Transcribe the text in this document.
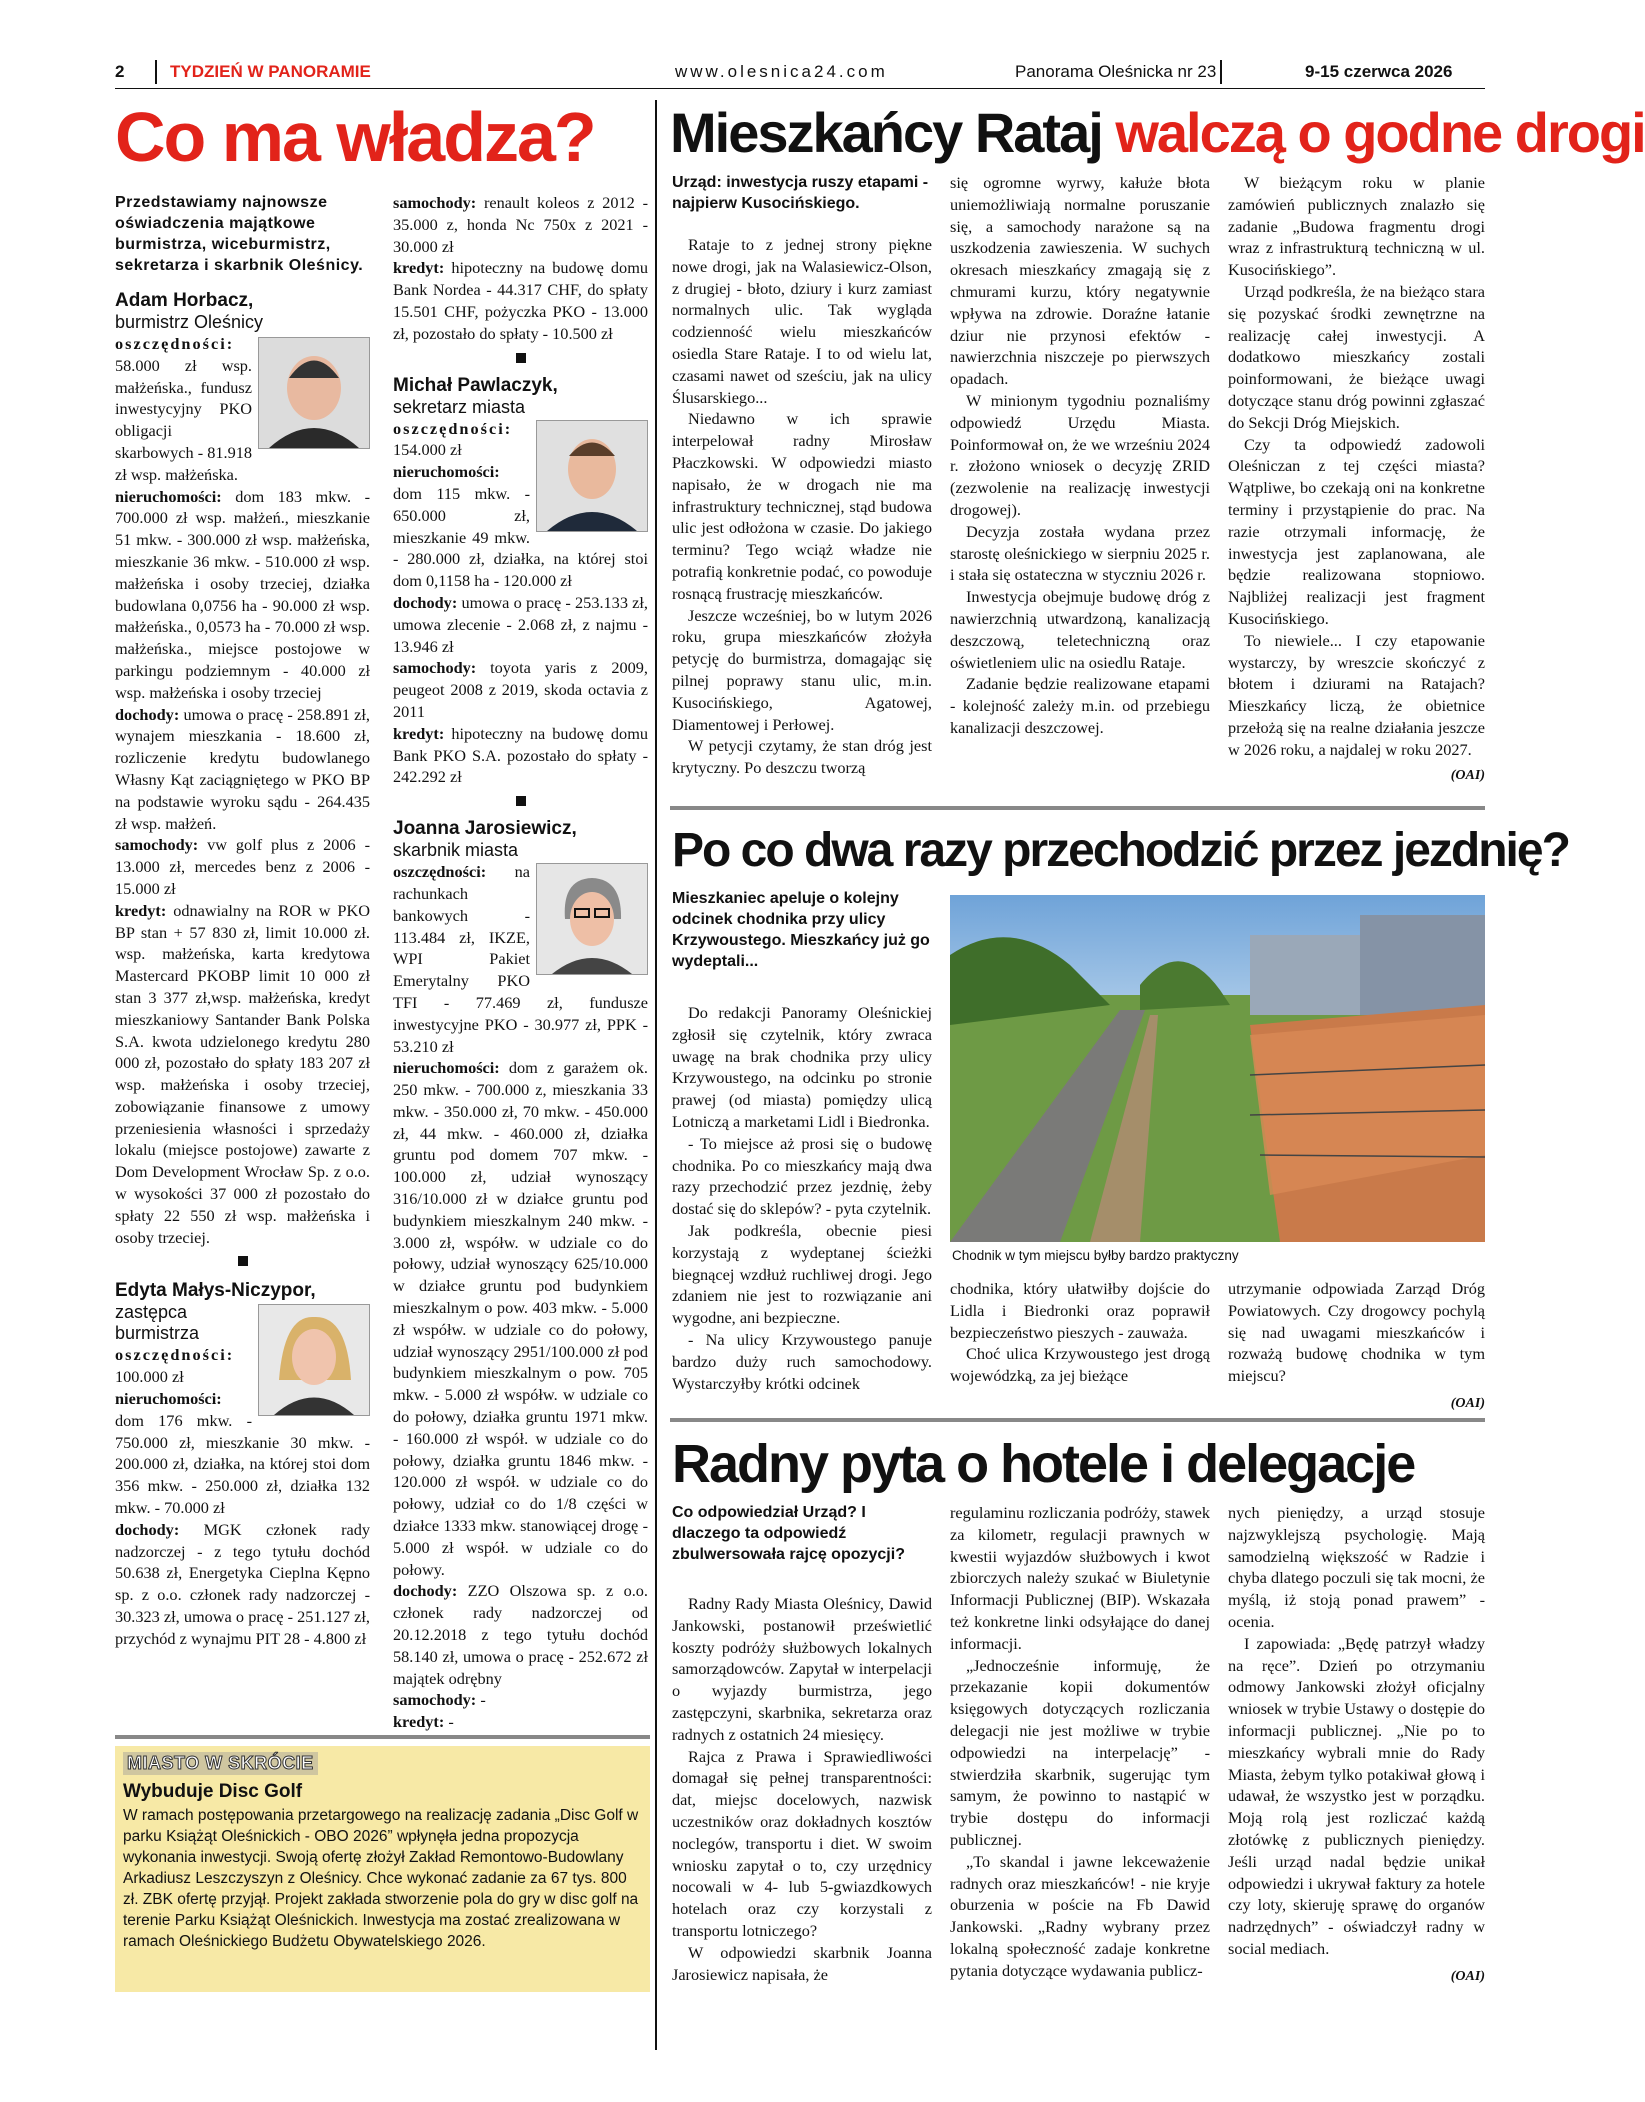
2	TYDZIEŃ W PANORAMIE	www.olesnica24.com	Panorama Oleśnicka nr 23	9-15 czerwca 2026
Co ma władza?
Przedstawiamy najnowsze oświadczenia majątkowe burmistrza, wiceburmistrz, sekretarza i skarbnik Oleśnicy.
Adam Horbacz,
burmistrz Oleśnicy

oszczędności: 58.000 zł wsp. małżeńska., fundusz inwestycyjny PKO obligacji skarbowych - 81.918 zł wsp. małżeńska.

nieruchomości: dom 183 mkw. - 700.000 zł wsp. małżeń., mieszkanie 51 mkw. - 300.000 zł wsp. małżeńska, mieszkanie 36 mkw. - 510.000 zł wsp. małżeńska i osoby trzeciej, działka budowlana 0,0756 ha - 90.000 zł wsp. małżeńska., 0,0573 ha - 70.000 zł wsp. małżeńska., miejsce postojowe w parkingu podziemnym - 40.000 zł wsp. małżeńska i osoby trzeciej

dochody: umowa o pracę - 258.891 zł, wynajem mieszkania - 18.600 zł, rozliczenie kredytu budowlanego Własny Kąt zaciągniętego w PKO BP na podstawie wyroku sądu - 264.435 zł wsp. małżeń.

samochody: vw golf plus z 2006 - 13.000 zł, mercedes benz z 2006 - 15.000 zł

kredyt: odnawialny na ROR w PKO BP stan + 57 830 zł, limit 10.000 zł. wsp. małżeńska, karta kredytowa Mastercard PKOBP limit 10 000 zł stan 3 377 zł,wsp. małżeńska, kredyt mieszkaniowy Santander Bank Polska S.A. kwota udzielonego kredytu 280 000 zł, pozostało do spłaty 183 207 zł wsp. małżeńska i osoby trzeciej, zobowiązanie finansowe z umowy przeniesienia własności i sprzedaży lokalu (miejsce postojowe) zawarte z Dom Development Wrocław Sp. z o.o. w wysokości 37 000 zł pozostało do spłaty 22 550 zł wsp. małżeńska i osoby trzeciej.

Edyta Małys-Niczypor,
zastępca burmistrza

oszczędności: 100.000 zł

nieruchomości: dom 176 mkw. - 750.000 zł, mieszkanie 30 mkw. - 200.000 zł, działka, na której stoi dom 356 mkw. - 250.000 zł, działka 132 mkw. - 70.000 zł

dochody: MGK członek rady nadzorczej - z tego tytułu dochód 50.638 zł, Energetyka Cieplna Kępno sp. z o.o. członek rady nadzorczej - 30.323 zł, umowa o pracę - 251.127 zł, przychód z wynajmu PIT 28 - 4.800 zł

samochody: renault koleos z 2012 - 35.000 z, honda Nc 750x z 2021 - 30.000 zł

kredyt: hipoteczny na budowę domu Bank Nordea - 44.317 CHF, do spłaty 15.501 CHF, pożyczka PKO - 13.000 zł, pozostało do spłaty - 10.500 zł

Michał Pawlaczyk,
sekretarz miasta

oszczędności: 154.000 zł

nieruchomości: dom 115 mkw. - 650.000 zł, mieszkanie 49 mkw. - 280.000 zł, działka, na której stoi dom 0,1158 ha - 120.000 zł

dochody: umowa o pracę - 253.133 zł, umowa zlecenie - 2.068 zł, z najmu - 13.946 zł

samochody: toyota yaris z 2009, peugeot 2008 z 2019, skoda octavia z 2011

kredyt: hipoteczny na budowę domu Bank PKO S.A. pozostało do spłaty - 242.292 zł

Joanna Jarosiewicz,
skarbnik miasta

oszczędności: na rachunkach bankowych - 113.484 zł, IKZE, WPI Pakiet Emerytalny PKO TFI - 77.469 zł, fundusze inwestycyjne PKO - 30.977 zł, PPK - 53.210 zł

nieruchomości: dom z garażem ok. 250 mkw. - 700.000 z, mieszkania 33 mkw. - 350.000 zł, 70 mkw. - 450.000 zł, 44 mkw. - 460.000 zł, działka gruntu pod domem 707 mkw. - 100.000 zł, udział wynoszący 316/10.000 zł w działce gruntu pod budynkiem mieszkalnym 240 mkw. - 3.000 zł, współw. w udziale co do połowy, udział wynoszący 625/10.000 w działce gruntu pod budynkiem mieszkalnym o pow. 403 mkw. - 5.000 zł współw. w udziale co do połowy, udział wynoszący 2951/100.000 zł pod budynkiem mieszkalnym o pow. 705 mkw. - 5.000 zł współw. w udziale co do połowy, działka gruntu 1971 mkw. - 160.000 zł współ. w udziale co do połowy, działka gruntu 1846 mkw. - 120.000 zł współ. w udziale co do połowy, udział co do 1/8 części w działce 1333 mkw. stanowiącej drogę - 5.000 zł współ. w udziale co do połowy.

dochody: ZZO Olszowa sp. z o.o. członek rady nadzorczej od 20.12.2018 z tego tytułu dochód 58.140 zł, umowa o pracę - 252.672 zł majątek odrębny

samochody: -

kredyt: -

MIASTO W SKRÓCIE
Wybuduje Disc Golf
W ramach postępowania przetargowego na realizację zadania „Disc Golf w parku Książąt Oleśnickich - OBO 2026” wpłynęła jedna propozycja wykonania inwestycji. Swoją ofertę złożył Zakład Remontowo-Budowlany Arkadiusz Leszczyszyn z Oleśnicy. Chce wykonać zadanie za 67 tys. 800 zł. ZBK ofertę przyjął. Projekt zakłada stworzenie pola do gry w disc golf na terenie Parku Książąt Oleśnickich. Inwestycja ma zostać zrealizowana w ramach Oleśnickiego Budżetu Obywatelskiego 2026.
Mieszkańcy Rataj walczą o godne drogi
Urząd: inwestycja ruszy etapami - najpierw Kusocińskiego.

Rataje to z jednej strony piękne nowe drogi, jak na Walasiewicz-Olson, z drugiej - błoto, dziury i kurz zamiast normalnych ulic. Tak wygląda codzienność wielu mieszkańców osiedla Stare Rataje. I to od wielu lat, czasami nawet od sześciu, jak na ulicy Ślusarskiego...

Niedawno w ich sprawie interpelował radny Mirosław Płaczkowski. W odpowiedzi miasto napisało, że w drogach nie ma infrastruktury technicznej, stąd budowa ulic jest odłożona w czasie. Do jakiego terminu? Tego wciąż władze nie potrafią konkretnie podać, co powoduje rosnącą frustrację mieszkańców.

Jeszcze wcześniej, bo w lutym 2026 roku, grupa mieszkańców złożyła petycję do burmistrza, domagając się pilnej poprawy stanu ulic, m.in. Kusocińskiego, Agatowej, Diamentowej i Perłowej.

W petycji czytamy, że stan dróg jest krytyczny. Po deszczu tworzą

się ogromne wyrwy, kałuże błota uniemożliwiają normalne poruszanie się, a samochody narażone są na uszkodzenia zawieszenia. W suchych okresach mieszkańcy zmagają się z chmurami kurzu, który negatywnie wpływa na zdrowie. Doraźne łatanie dziur nie przynosi efektów - nawierzchnia niszczeje po pierwszych opadach.

W minionym tygodniu poznaliśmy odpowiedź Urzędu Miasta. Poinformował on, że we wrześniu 2024 r. złożono wniosek o decyzję ZRID (zezwolenie na realizację inwestycji drogowej).

Decyzja została wydana przez starostę oleśnickiego w sierpniu 2025 r. i stała się ostateczna w styczniu 2026 r.

Inwestycja obejmuje budowę dróg z nawierzchnią utwardzoną, kanalizacją deszczową, teletechniczną oraz oświetleniem ulic na osiedlu Rataje.

Zadanie będzie realizowane etapami - kolejność zależy m.in. od przebiegu kanalizacji deszczowej.

W bieżącym roku w planie zamówień publicznych znalazło się zadanie „Budowa fragmentu drogi wraz z infrastrukturą techniczną w ul. Kusocińskiego”.

Urząd podkreśla, że na bieżąco stara się pozyskać środki zewnętrzne na realizację całej inwestycji. A dodatkowo mieszkańcy zostali poinformowani, że bieżące uwagi dotyczące stanu dróg powinni zgłaszać do Sekcji Dróg Miejskich.

Czy ta odpowiedź zadowoli Oleśniczan z tej części miasta? Wątpliwe, bo czekają oni na konkretne terminy i przystąpienie do prac. Na razie otrzymali informację, że inwestycja jest zaplanowana, ale będzie realizowana stopniowo. Najbliżej realizacji jest fragment Kusocińskiego.

To niewiele... I czy etapowanie wystarczy, by wreszcie skończyć z błotem i dziurami na Ratajach? Mieszkańcy liczą, że obietnice przełożą się na realne działania jeszcze w 2026 roku, a najdalej w roku 2027.

(OAI)
Po co dwa razy przechodzić przez jezdnię?
Mieszkaniec apeluje o kolejny odcinek chodnika przy ulicy Krzywoustego. Mieszkańcy już go wydeptali...

Do redakcji Panoramy Oleśnickiej zgłosił się czytelnik, który zwraca uwagę na brak chodnika przy ulicy Krzywoustego, na odcinku po stronie prawej (od miasta) pomiędzy ulicą Lotniczą a marketami Lidl i Biedronka.

- To miejsce aż prosi się o budowę chodnika. Po co mieszkańcy mają dwa razy przechodzić przez jezdnię, żeby dostać się do sklepów? - pyta czytelnik.

Jak podkreśla, obecnie piesi korzystają z wydeptanej ścieżki biegnącej wzdłuż ruchliwej drogi. Jego zdaniem nie jest to rozwiązanie ani wygodne, ani bezpieczne.

- Na ulicy Krzywoustego panuje bardzo duży ruch samochodowy. Wystarczyłby krótki odcinek

Chodnik w tym miejscu byłby bardzo praktyczny

chodnika, który ułatwiłby dojście do Lidla i Biedronki oraz poprawił bezpieczeństwo pieszych - zauważa.

Choć ulica Krzywoustego jest drogą wojewódzką, za jej bieżące

utrzymanie odpowiada Zarząd Dróg Powiatowych. Czy drogowcy pochylą się nad uwagami mieszkańców i rozważą budowę chodnika w tym miejscu?

(OAI)
Radny pyta o hotele i delegacje
Co odpowiedział Urząd? I dlaczego ta odpowiedź zbulwersowała rajcę opozycji?

Radny Rady Miasta Oleśnicy, Dawid Jankowski, postanowił prześwietlić koszty podróży służbowych lokalnych samorządowców. Zapytał w interpelacji o wyjazdy burmistrza, jego zastępczyni, skarbnika, sekretarza oraz radnych z ostatnich 24 miesięcy.

Rajca z Prawa i Sprawiedliwości domagał się pełnej transparentności: dat, miejsc docelowych, nazwisk uczestników oraz dokładnych kosztów noclegów, transportu i diet. W swoim wniosku zapytał o to, czy urzędnicy nocowali w 4- lub 5-gwiazdkowych hotelach oraz czy korzystali z transportu lotniczego?

W odpowiedzi skarbnik Joanna Jarosiewicz napisała, że

regulaminu rozliczania podróży, stawek za kilometr, regulacji prawnych w kwestii wyjazdów służbowych i kwot zbiorczych należy szukać w Biuletynie Informacji Publicznej (BIP). Wskazała też konkretne linki odsyłające do danej informacji.

„Jednocześnie informuję, że przekazanie kopii dokumentów księgowych dotyczących rozliczania delegacji nie jest możliwe w trybie odpowiedzi na interpelację” - stwierdziła skarbnik, sugerując tym samym, że powinno to nastąpić w trybie dostępu do informacji publicznej.

„To skandal i jawne lekceważenie radnych oraz mieszkańców! - nie kryje oburzenia w poście na Fb Dawid Jankowski. „Radny wybrany przez lokalną społeczność zadaje konkretne pytania dotyczące wydawania publicz-

nych pieniędzy, a urząd stosuje najzwyklejszą psychologię. Mają samodzielną większość w Radzie i chyba dlatego poczuli się tak mocni, że myślą, iż stoją ponad prawem” - ocenia.

I zapowiada: „Będę patrzył władzy na ręce”. Dzień po otrzymaniu odmowy Jankowski złożył oficjalny wniosek w trybie Ustawy o dostępie do informacji publicznej. „Nie po to mieszkańcy wybrali mnie do Rady Miasta, żebym tylko potakiwał głową i udawał, że wszystko jest w porządku. Moją rolą jest rozliczać każdą złotówkę z publicznych pieniędzy. Jeśli urząd nadal będzie unikał odpowiedzi i ukrywał faktury za hotele czy loty, skieruję sprawę do organów nadrzędnych” - oświadczył radny w social mediach.

(OAI)
